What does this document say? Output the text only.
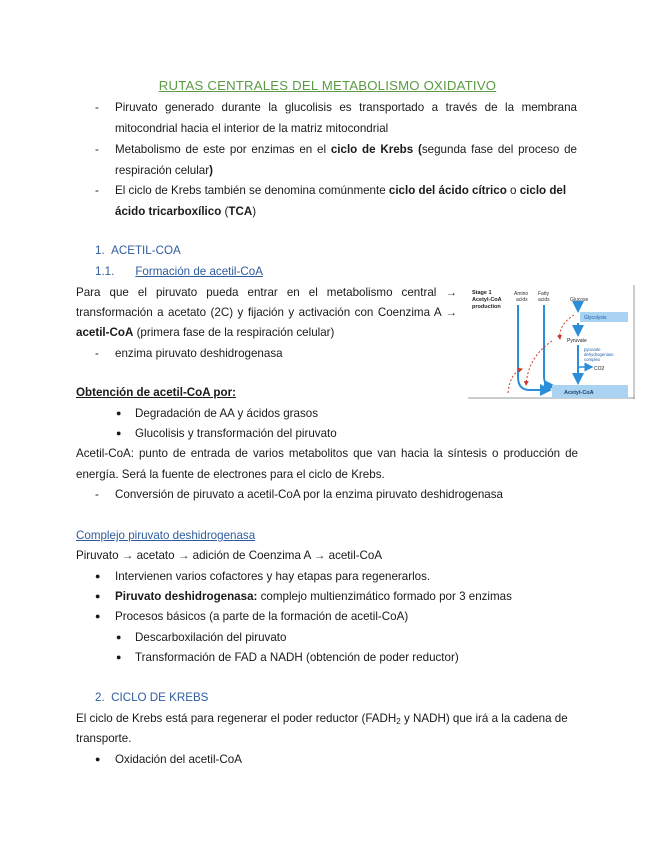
RUTAS CENTRALES DEL METABOLISMO OXIDATIVO
-	Piruvato generado durante la glucolisis es transportado a través de la membrana
mitocondrial hacia el interior de la matriz mitocondrial
-	Metabolismo de este por enzimas en el ciclo de Krebs (segunda fase del proceso de
respiración celular)
-	El ciclo de Krebs también se denomina comúnmente ciclo del ácido cítrico o ciclo del
ácido tricarboxílico (TCA)
1. ACETIL-COA
1.1. Formación de acetil-CoA
Para que el piruvato pueda entrar en el metabolismo central →
transformación a acetato (2C) y fijación y activación con Coenzima A →
acetil-CoA (primera fase de la respiración celular)
-	enzima piruvato deshidrogenasa
Stage 1
Acetyl-CoA
production
Amino
acids
Fatty
acids	Glucose
Glycolysis
Pyruvate
pyruvate
dehydrogenase
complex
CO2
Acetyl-CoA
Obtención de acetil-CoA por:
● Degradación de AA y ácidos grasos
● Glucolisis y transformación del piruvato
Acetil-CoA: punto de entrada de varios metabolitos que van hacia la síntesis o producción de
energía. Será la fuente de electrones para el ciclo de Krebs.
-	Conversión de piruvato a acetil-CoA por la enzima piruvato deshidrogenasa
Complejo piruvato deshidrogenasa
Piruvato → acetato → adición de Coenzima A → acetil-CoA
● Intervienen varios cofactores y hay etapas para regenerarlos.
● Piruvato deshidrogenasa: complejo multienzimático formado por 3 enzimas
● Procesos básicos (a parte de la formación de acetil-CoA)
● Descarboxilación del piruvato
● Transformación de FAD a NADH (obtención de poder reductor)
2. CICLO DE KREBS
El ciclo de Krebs está para regenerar el poder reductor ($FADH_2$ y NADH) que irá a la cadena de
transporte.
● Oxidación del acetil-CoA
